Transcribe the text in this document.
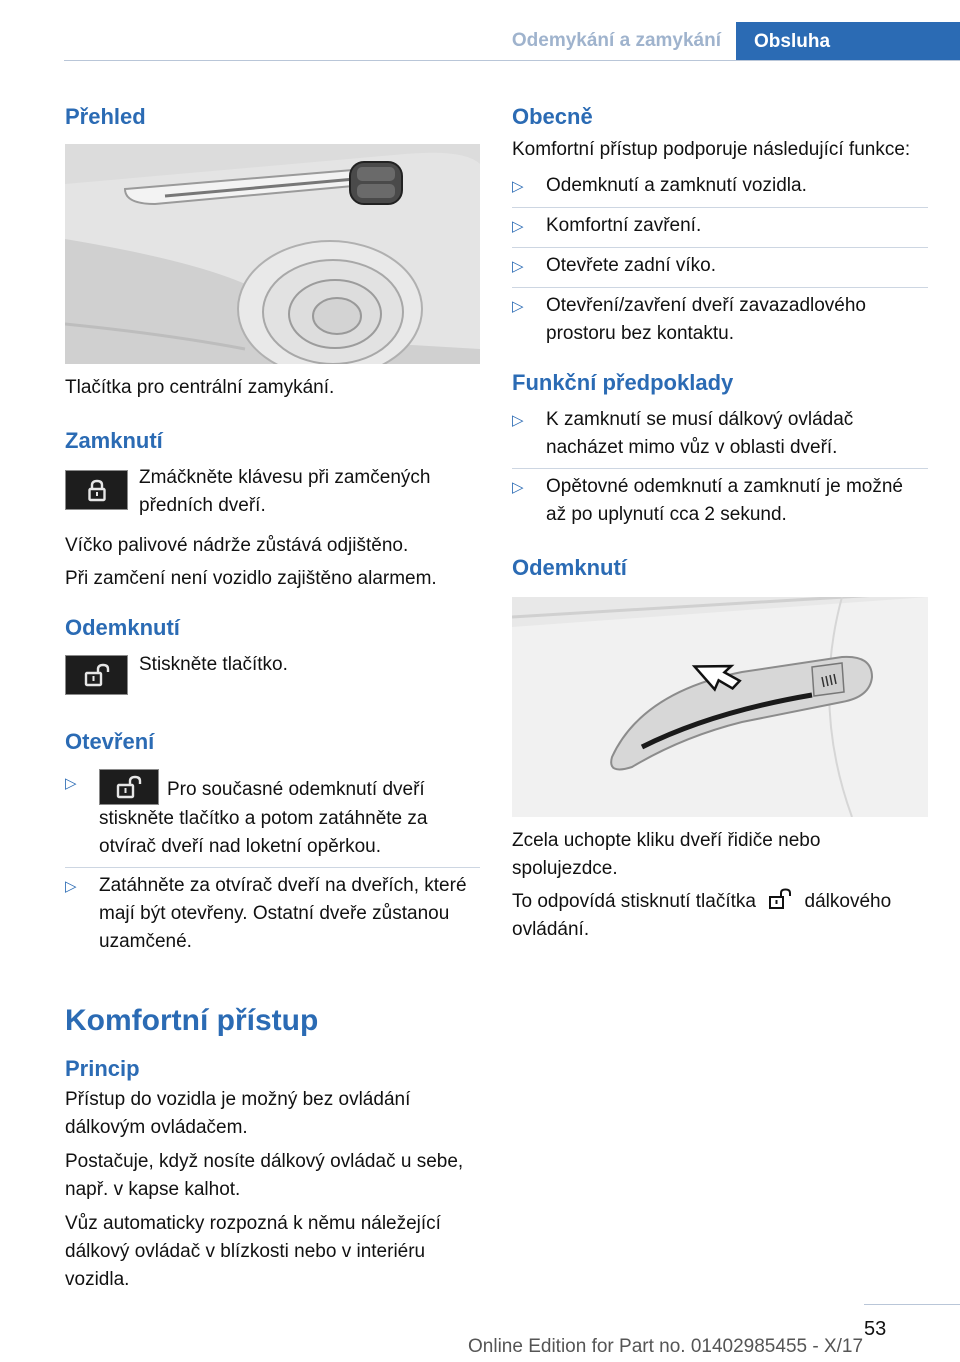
Odemykání a zamykání	Obsluha
Přehled

Tlačítka pro centrální zamykání.

Zamknutí

Zmáčkněte klávesu při zamčených předních dveří.

Víčko palivové nádrže zůstává odjištěno.

Při zamčení není vozidlo zajištěno alarmem.

Odemknutí

Stiskněte tlačítko.

Otevření
▷	Pro současné odemknutí dveří stiskněte tlačítko a potom zatáhněte za otvírač dveří nad loketní opěrkou.
▷	Zatáhněte za otvírač dveří na dveřích, které mají být otevřeny. Ostatní dveře zůstanou uzamčené.
Komfortní přístup
Princip

Přístup do vozidla je možný bez ovládání dálkovým ovládačem.

Postačuje, když nosíte dálkový ovládač u sebe, např. v kapse kalhot.

Vůz automaticky rozpozná k němu náležející dálkový ovládač v blízkosti nebo v interiéru vozidla.

Obecně

Komfortní přístup podporuje následující funkce:

▷	Odemknutí a zamknutí vozidla.
▷	Komfortní zavření.
▷	Otevřete zadní víko.
▷	Otevření/zavření dveří zavazadlového prostoru bez kontaktu.
Funkční předpoklady
▷	K zamknutí se musí dálkový ovládač nacházet mimo vůz v oblasti dveří.
▷	Opětovné odemknutí a zamknutí je možné až po uplynutí cca 2 sekund.
Odemknutí

Zcela uchopte kliku dveří řidiče nebo spolujezdce.

To odpovídá stisknutí tlačítka	dálkového ovládání.

53
Online Edition for Part no. 01402985455 - X/17
